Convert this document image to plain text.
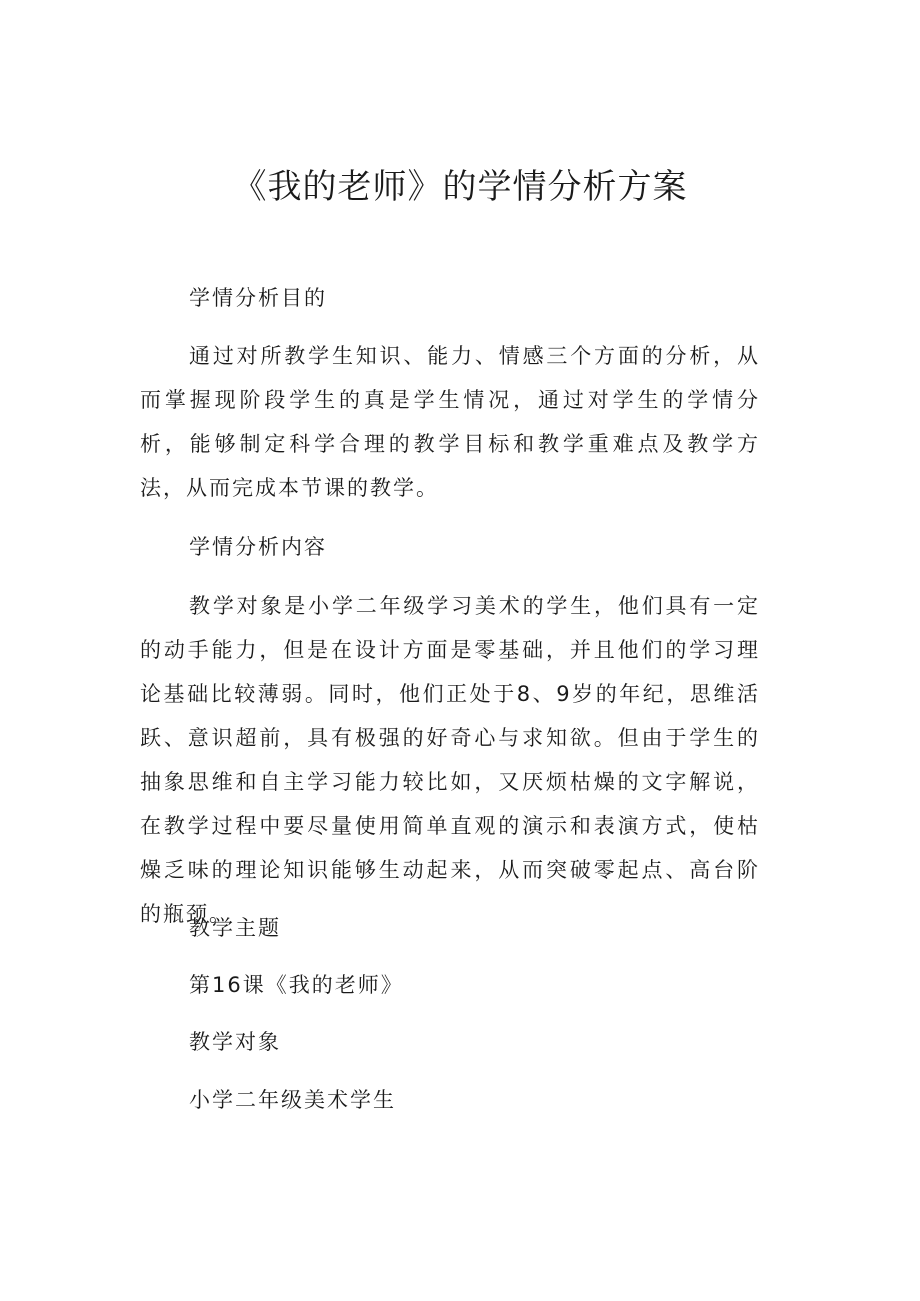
《我的老师》的学情分析方案

学情分析目的

通过对所教学生知识、能力、情感三个方面的分析，从而掌握现阶段学生的真是学生情况，通过对学生的学情分析，能够制定科学合理的教学目标和教学重难点及教学方法，从而完成本节课的教学。

学情分析内容

教学对象是小学二年级学习美术的学生，他们具有一定的动手能力，但是在设计方面是零基础，并且他们的学习理论基础比较薄弱。同时，他们正处于8、9岁的年纪，思维活跃、意识超前，具有极强的好奇心与求知欲。但由于学生的抽象思维和自主学习能力较比如，又厌烦枯燥的文字解说，在教学过程中要尽量使用简单直观的演示和表演方式，使枯燥乏味的理论知识能够生动起来，从而突破零起点、高台阶的瓶颈。

教学主题

第16课《我的老师》

教学对象

小学二年级美术学生
